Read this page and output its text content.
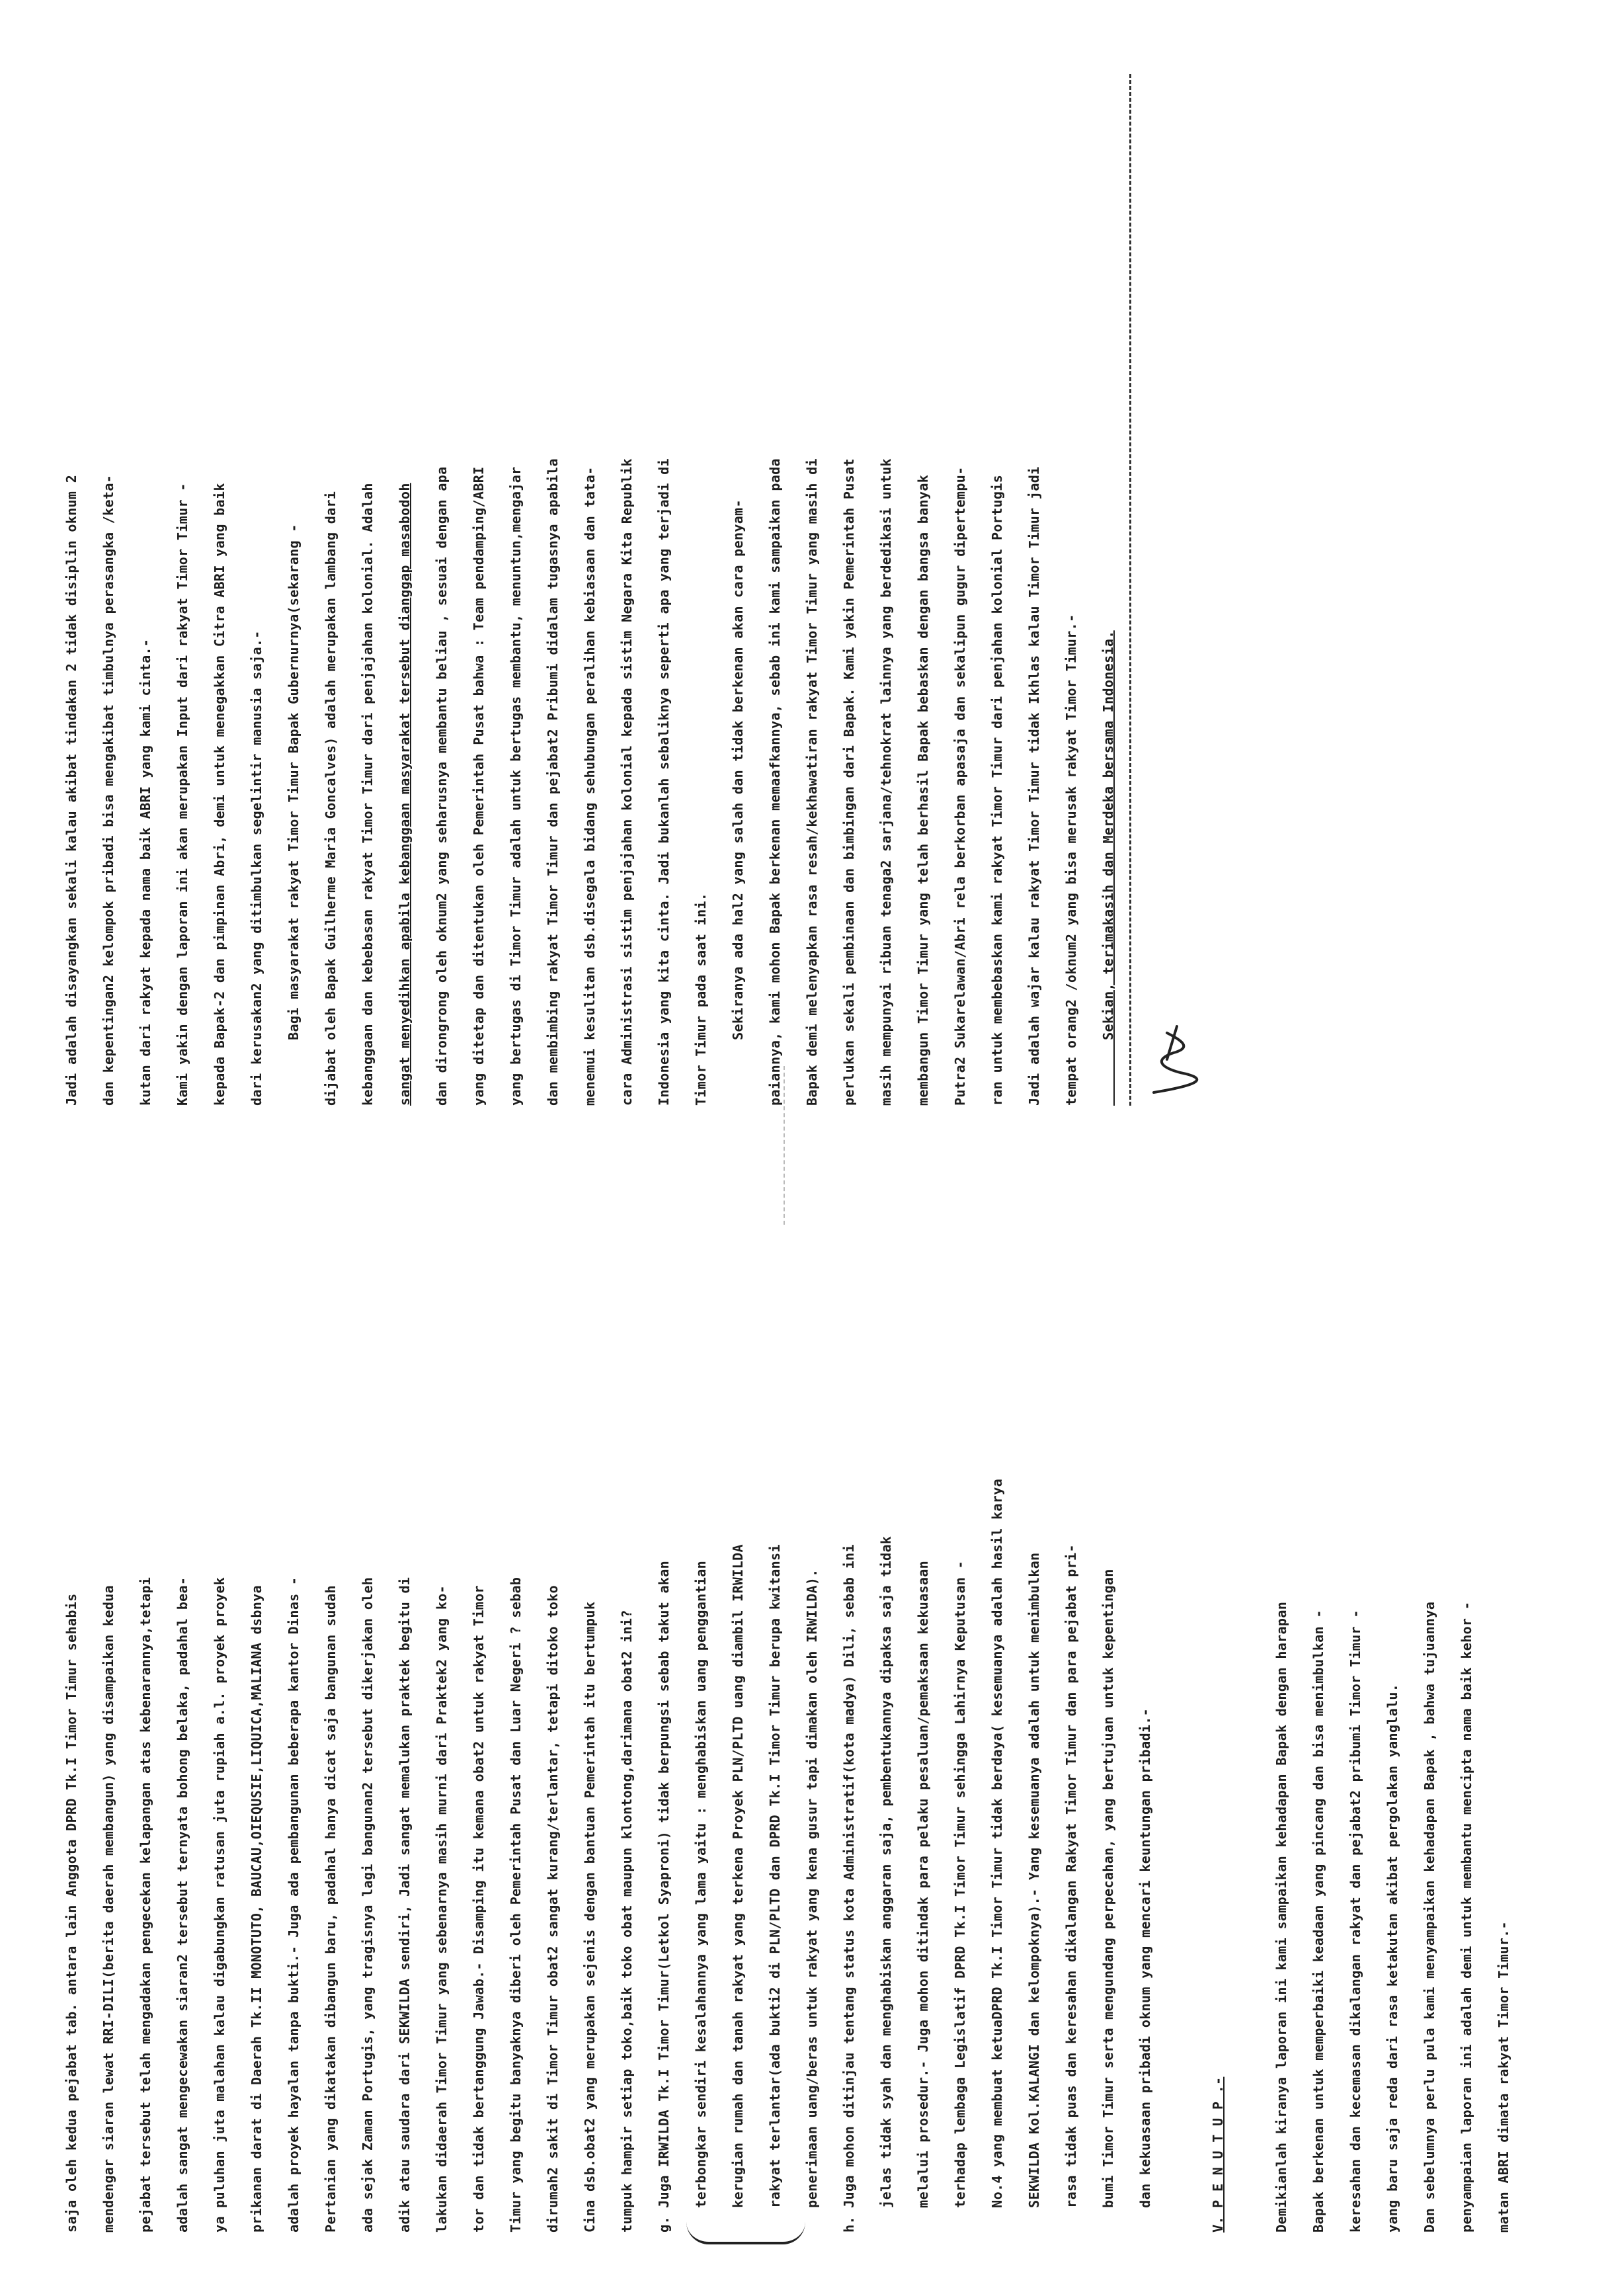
saja oleh kedua pejabat tab. antara lain Anggota DPRD Tk.I Timor Timur sehabis	mendengar siaran lewat RRI-DILI(berita daerah membangun) yang disampaikan kedua	pejabat tersebut telah mengadakan pengecekan kelapangan atas kebenarannya,tetapi	adalah sangat mengecewakan siaran2 tersebut ternyata bohong belaka, padahal bea-	ya puluhan juta malahan kalau digabungkan ratusan juta rupiah a.l. proyek proyek	prikanan darat di Daerah Tk.II MONOTUTO, BAUCAU,OIEQUSIE,LIQUICA,MALIANA dsbnya	adalah proyek hayalan tanpa bukti.- Juga ada pembangunan beberapa kantor Dinas -	Pertanian yang dikatakan dibangun baru, padahal hanya dicat saja bangunan sudah	ada sejak Zaman Portugis, yang tragisnya lagi bangunan2 tersebut dikerjakan oleh	adik atau saudara dari SEKWILDA sendiri, Jadi sangat memalukan praktek begitu di	lakukan didaerah Timor Timur yang sebenarnya masih murni dari Praktek2 yang ko-	tor dan tidak bertanggung Jawab.- Disamping itu kemana obat2 untuk rakyat Timor	Timur yang begitu banyaknya diberi oleh Pemerintah Pusat dan Luar Negeri ? sebab	dirumah2 sakit di Timor Timur obat2 sangat kurang/terlantar, tetapi ditoko toko	Cina dsb.obat2 yang merupakan sejenis dengan bantuan Pemerintah itu bertumpuk	tumpuk hampir setiap toko,baik toko obat maupun klontong,darimana obat2 ini?	g. Juga IRWILDA Tk.I Timor Timur(Letkol Syaproni) tidak berpungsi sebab takut akan	terbongkar sendiri kesalahannya yang lama yaitu : menghabiskan uang penggantian	kerugian rumah dan tanah rakyat yang terkena Proyek PLN/PLTD uang diambil IRWILDA	rakyat terlantar(ada bukti2 di PLN/PLTD dan DPRD Tk.I Timor Timur berupa kwitansi	penerimaan uang/beras untuk rakyat yang kena gusur tapi dimakan oleh IRWILDA).	h. Juga mohon ditinjau tentang status kota Administratif(kota madya) Dili, sebab ini	jelas tidak syah dan menghabiskan anggaran saja, pembentukannya dipaksa saja tidak	melalui prosedur.- Juga mohon ditindak para pelaku pesaluan/pemaksaan kekuasaan	terhadap lembaga Legislatif DPRD Tk.I Timor Timur sehingga Lahirnya Keputusan -	No.4 yang membuat ketuaDPRD Tk.I Timor Timur tidak berdaya( kesemuanya adalah hasil karya	SEKWILDA Kol.KALANGI dan kelompoknya).- Yang kesemuanya adalah untuk menimbulkan	rasa tidak puas dan keresahan dikalangan Rakyat Timor Timur dan para pejabat pri-	bumi Timor Timur serta mengundang perpecahan, yang bertujuan untuk kepentingan	dan kekuasaan pribadi oknum yang mencari keuntungan pribadi.-	V. P E N U T U P .-	Demikianlah kiranya laporan ini kami sampaikan kehadapan Bapak dengan harapan	Bapak berkenan untuk memperbaiki keadaan yang pincang dan bisa menimbulkan -	keresahan dan kecemasan dikalangan rakyat dan pejabat2 pribumi Timor Timur -	yang baru saja reda dari rasa ketakutan akibat pergolakan yanglalu.	Dan sebelumnya perlu pula kami menyampaikan kehadapan Bapak , bahwa tujuannya	penyampaian laporan ini adalah demi untuk membantu mencipta nama baik kehor -	matan ABRI dimata rakyat Timor Timur.-
Jadi adalah disayangkan sekali kalau akibat tindakan 2 tidak disiplin oknum 2	dan kepentingan2 kelompok pribadi bisa mengakibat timbulnya perasangka /keta-	kutan dari rakyat kepada nama baik ABRI yang kami cinta.-	Kami yakin dengan laporan ini akan merupakan Input dari rakyat Timor Timur -	kepada Bapak-2 dan pimpinan Abri, demi untuk menegakkan Citra ABRI yang baik	dari kerusakan2 yang ditimbulkan segelintir manusia saja.-	Bagi masyarakat rakyat Timor Timur Bapak Gubernurnya(sekarang -	dijabat oleh Bapak Guilherme Maria Goncalves) adalah merupakan lambang dari	kebanggaan dan kebebasan rakyat Timor Timur dari penjajahan kolonial. Adalah	sangat menyedihkan apabila kebanggaan masyarakat tersebut dianggap masabodoh	dan dirongrong oleh oknum2 yang seharusnya membantu beliau , sesuai dengan apa	yang ditetap dan ditentukan oleh Pemerintah Pusat bahwa : Team pendamping/ABRI	yang bertugas di Timor Timur adalah untuk bertugas membantu, menuntun,mengajar	dan membimbing rakyat Timor Timur dan pejabat2 Pribumi didalam tugasnya apabila	menemui kesulitan dsb.disegala bidang sehubungan peralihan kebiasaan dan tata-	cara Administrasi sistim penjajahan kolonial kepada sistim Negara Kita Republik	Indonesia yang kita cinta. Jadi bukanlah sebaliknya seperti apa yang terjadi di	Timor Timur pada saat ini.	Sekiranya ada hal2 yang salah dan tidak berkenan akan cara penyam-	paiannya, kami mohon Bapak berkenan memaafkannya, sebab ini kami sampaikan pada	Bapak demi melenyapkan rasa resah/kekhawatiran rakyat Timor Timur yang masih di	perlukan sekali pembinaan dan bimbingan dari Bapak. Kami yakin Pemerintah Pusat	masih mempunyai ribuan tenaga2 sarjana/tehnokrat lainnya yang berdedikasi untuk	membangun Timor Timur yang telah berhasil Bapak bebaskan dengan bangsa banyak	Putra2 Sukarelawan/Abri rela berkorban apasaja dan sekalipun gugur dipertempu-	ran untuk membebaskan kami rakyat Timor Timur dari penjahan kolonial Portugis	Jadi adalah wajar kalau rakyat Timor Timur tidak Ikhlas kalau Timor Timur jadi	tempat orang2 /oknum2 yang bisa merusak rakyat Timor Timur.-	Sekian, terimakasih dan Merdeka bersama Indonesia.
